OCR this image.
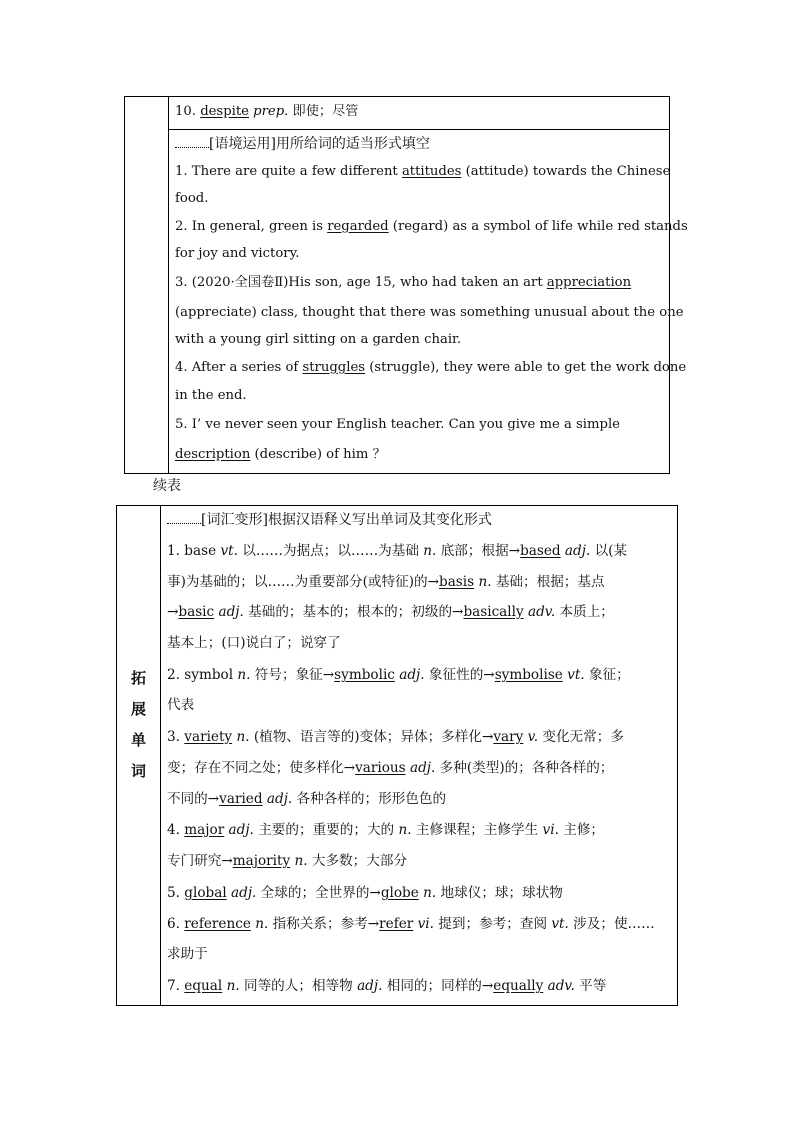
10. despite prep. 即使；尽管
[语境运用]用所给词的适当形式填空
1. There are quite a few different attitudes (attitude) towards the Chinese
food.
2. In general, green is regarded (regard) as a symbol of life while red stands
for joy and victory.
3. (2020·全国卷Ⅱ)His son, age 15, who had taken an art appreciation
(appreciate) class, thought that there was something unusual about the one
with a young girl sitting on a garden chair.
4. After a series of struggles (struggle), they were able to get the work done
in the end.
5. I’ ve never seen your English teacher. Can you give me a simple
description (describe) of him ？
续表
拓
展
单
词
[词汇变形]根据汉语释义写出单词及其变化形式
1. base vt. 以……为据点；以……为基础 n. 底部；根据→based adj. 以(某
事)为基础的；以……为重要部分(或特征)的→basis n. 基础；根据；基点
→basic adj. 基础的；基本的；根本的；初级的→basically adv. 本质上；
基本上；(口)说白了；说穿了
2. symbol n. 符号；象征→symbolic adj. 象征性的→symbolise vt. 象征；
代表
3. variety n. (植物、语言等的)变体；异体；多样化→vary v. 变化无常；多
变；存在不同之处；使多样化→various adj. 多种(类型)的；各种各样的；
不同的→varied adj. 各种各样的；形形色色的
4. major adj. 主要的；重要的；大的 n. 主修课程；主修学生 vi. 主修；
专门研究→majority n. 大多数；大部分
5. global adj. 全球的；全世界的→globe n. 地球仪；球；球状物
6. reference n. 指称关系；参考→refer vi. 提到；参考；查阅 vt. 涉及；使……
求助于
7. equal n. 同等的人；相等物 adj. 相同的；同样的→equally adv. 平等
